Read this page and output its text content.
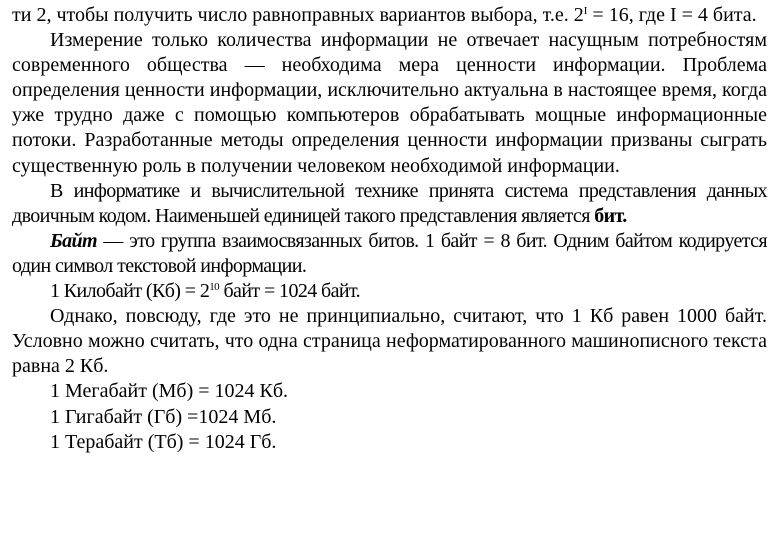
ти 2, чтобы получить число равноправных вариантов выбора, т.е. $2^I = 16$, где I = 4 бита.

Измерение только количества информации не отвечает насущным потребностям современного общества — необходима мера ценности информации. Проблема определения ценности информации, исключительно актуальна в настоящее время, когда уже трудно даже с помощью компьютеров обрабатывать мощные информационные потоки. Разработанные методы определения ценности информации призваны сыграть существенную роль в получении человеком необходимой информации.

В информатике и вычислительной технике принята система представления данных двоичным кодом. Наименьшей единицей такого представления является бит.

Байт — это группа взаимосвязанных битов. 1 байт = 8 бит. Одним байтом кодируется один символ текстовой информации.

1 Килобайт $(Кб) = 2^{10}$ байт = 1024 байт.

Однако, повсюду, где это не принципиально, считают, что 1 Кб равен 1000 байт. Условно можно считать, что одна страница неформатированного машинописного текста равна 2 Кб.

1 Мегабайт (Мб) = 1024 Кб.

1 Гигабайт (Гб) =1024 Мб.

1 Терабайт (Тб) = 1024 Гб.
